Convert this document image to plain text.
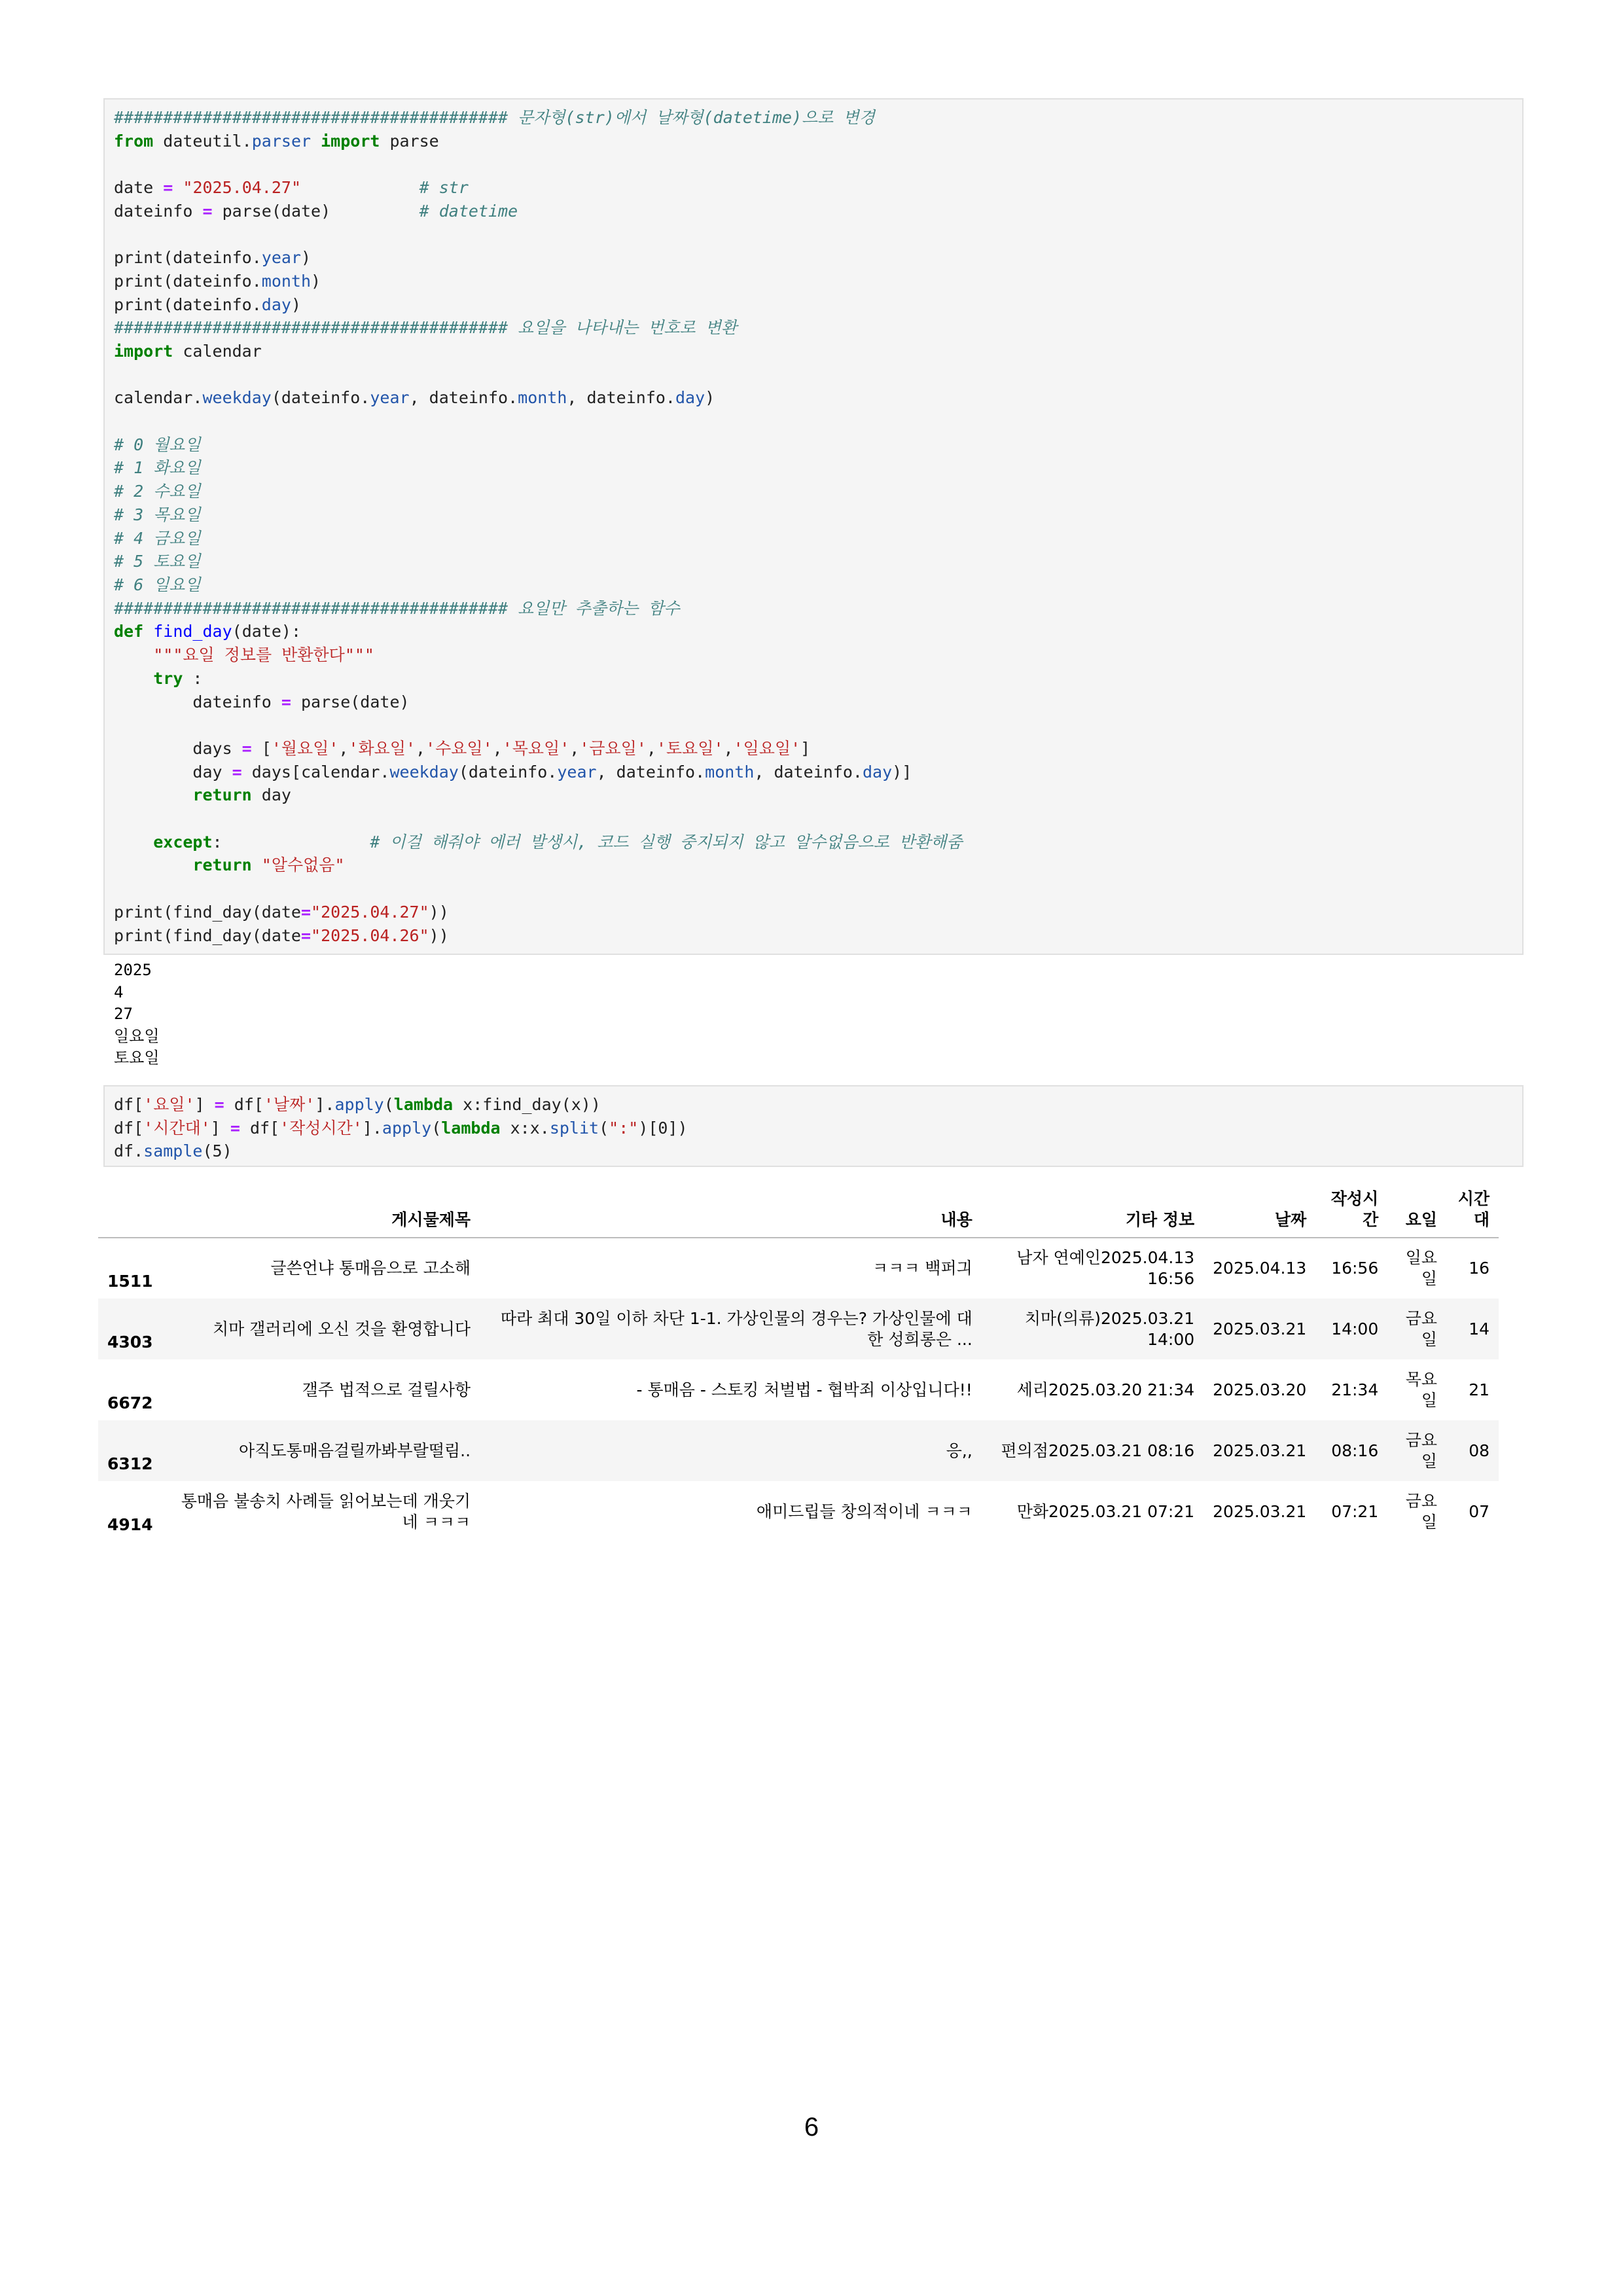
######################################## 문자형(str)에서 날짜형(datetime)으로 변경
from dateutil.parser import parse
date = "2025.04.27"	# str
dateinfo = parse(date)         # datetime
print(dateinfo.year)
print(dateinfo.month)
print(dateinfo.day)
######################################## 요일을 나타내는 번호로 변환
import calendar
calendar.weekday(dateinfo.year, dateinfo.month, dateinfo.day)
# 0 월요일
# 1 화요일
# 2 수요일
# 3 목요일
# 4 금요일
# 5 토요일
# 6 일요일
######################################## 요일만 추출하는 함수
def find_day(date):
"""요일 정보를 반환한다"""
try :
dateinfo = parse(date)
days = ['월요일','화요일','수요일','목요일','금요일','토요일','일요일']
day = days[calendar.weekday(dateinfo.year, dateinfo.month, dateinfo.day)]
return day
except:               # 이걸 해줘야 에러 발생시, 코드 실행 중지되지 않고 알수없음으로 반환해줌
return "알수없음"
print(find_day(date="2025.04.27"))
print(find_day(date="2025.04.26"))
2025
4
27
일요일
토요일
df['요일'] = df['날짜'].apply(lambda x:find_day(x))
df['시간대'] = df['작성시간'].apply(lambda x:x.split(":")[0])
df.sample(5)
	게시물제목	내용	기타 정보	날짜	작성시간	요일	시간대
1511	글쓴언냐 통매음으로 고소해	ㅋㅋㅋ 백퍼긔	남자 연예인2025.04.13 16:56	2025.04.13	16:56	일요일	16
4303	치마 갤러리에 오신 것을 환영합니다	따라 최대 30일 이하 차단 1-1. 가상인물의 경우는? 가상인물에 대한 성희롱은 ...	치마(의류)2025.03.21 14:00	2025.03.21	14:00	금요일	14
6672	갤주 법적으로 걸릴사항	- 통매음 - 스토킹 처벌법 - 협박죄 이상입니다!!	세리2025.03.20 21:34	2025.03.20	21:34	목요일	21
6312	아직도통매음걸릴까봐부랄떨림..	응,,	편의점2025.03.21 08:16	2025.03.21	08:16	금요일	08
4914	통매음 불송치 사례들 읽어보는데 개웃기네 ㅋㅋㅋ	애미드립들 창의적이네 ㅋㅋㅋ	만화2025.03.21 07:21	2025.03.21	07:21	금요일	07
6
